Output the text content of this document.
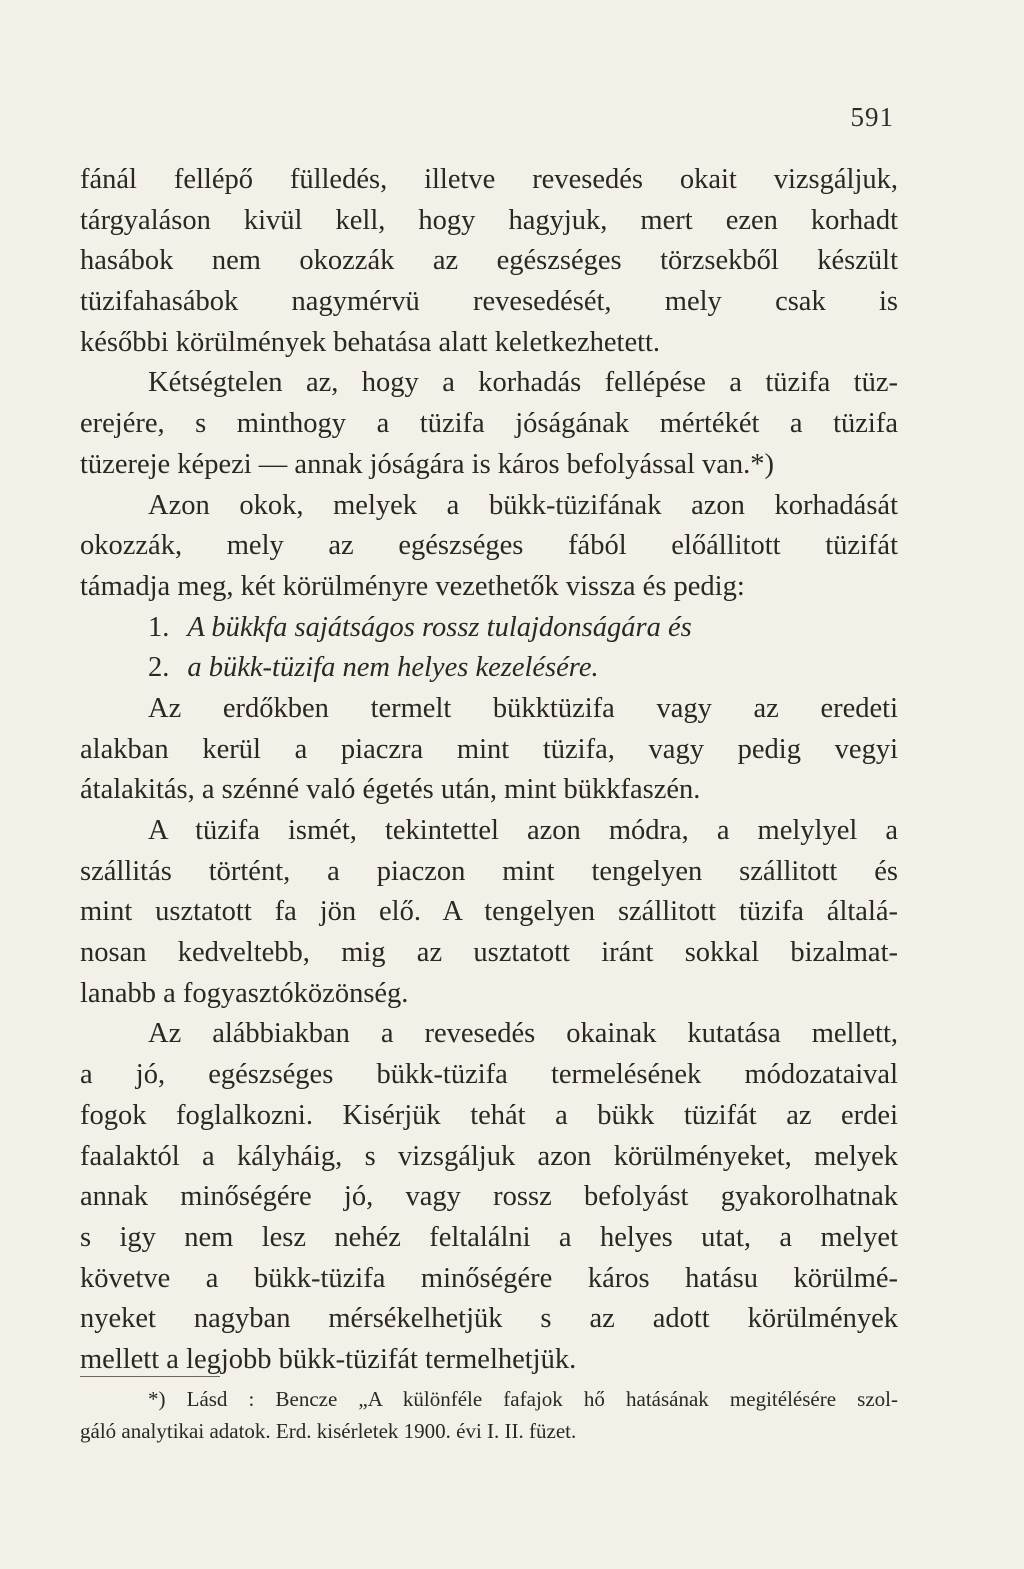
591
fánál fellépő fülledés, illetve revesedés okait vizsgáljuk,
tárgyaláson kivül kell, hogy hagyjuk, mert ezen korhadt
hasábok nem okozzák az egészséges törzsekből készült
tüzifahasábok nagymérvü revesedését, mely csak is
későbbi körülmények behatása alatt keletkezhetett.
Kétségtelen az, hogy a korhadás fellépése a tüzifa tüz-
erejére, s minthogy a tüzifa jóságának mértékét a tüzifa
tüzereje képezi — annak jóságára is káros befolyással van.*)
Azon okok, melyek a bükk-tüzifának azon korhadását
okozzák, mely az egészséges fából előállitott tüzifát
támadja meg, két körülményre vezethetők vissza és pedig:
1. A bükkfa sajátságos rossz tulajdonságára és
2. a bükk-tüzifa nem helyes kezelésére.
Az erdőkben termelt bükktüzifa vagy az eredeti
alakban kerül a piaczra mint tüzifa, vagy pedig vegyi
átalakitás, a szénné való égetés után, mint bükkfaszén.
A tüzifa ismét, tekintettel azon módra, a melylyel a
szállitás történt, a piaczon mint tengelyen szállitott és
mint usztatott fa jön elő. A tengelyen szállitott tüzifa általá-
nosan kedveltebb, mig az usztatott iránt sokkal bizalmat-
lanabb a fogyasztóközönség.
Az alábbiakban a revesedés okainak kutatása mellett,
a jó, egészséges bükk-tüzifa termelésének módozataival
fogok foglalkozni. Kisérjük tehát a bükk tüzifát az erdei
faalaktól a kályháig, s vizsgáljuk azon körülményeket, melyek
annak minőségére jó, vagy rossz befolyást gyakorolhatnak
s igy nem lesz nehéz feltalálni a helyes utat, a melyet
követve a bükk-tüzifa minőségére káros hatásu körülmé-
nyeket nagyban mérsékelhetjük s az adott körülmények
mellett a legjobb bükk-tüzifát termelhetjük.
*) Lásd : Bencze „A különféle fafajok hő hatásának megitélésére szol-
gáló analytikai adatok. Erd. kisérletek 1900. évi I. II. füzet.
